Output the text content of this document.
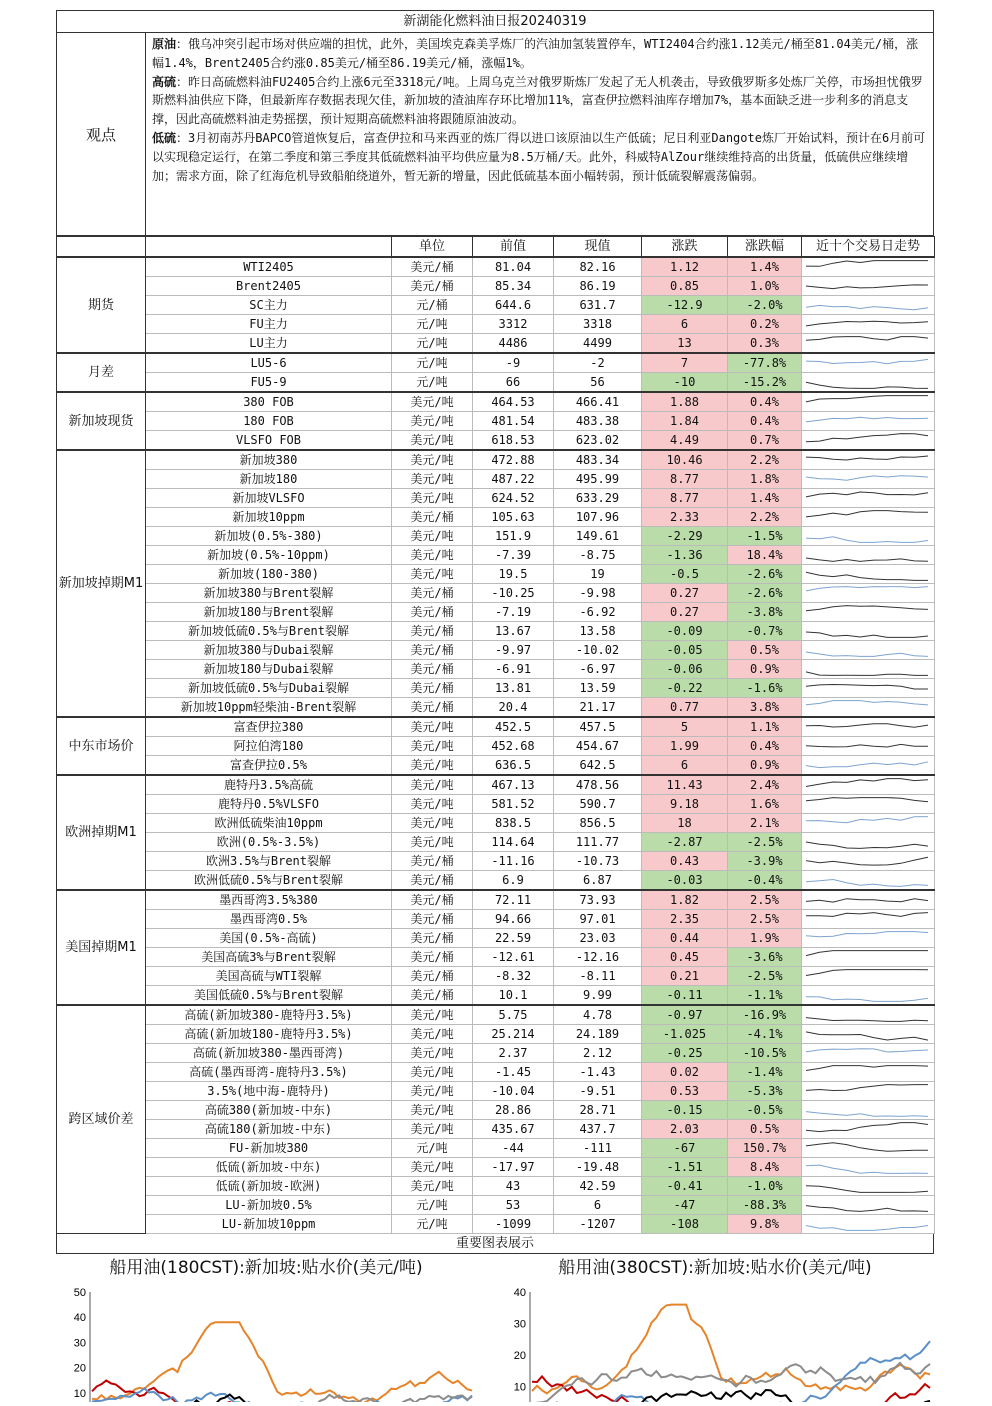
新湖能化燃料油日报20240319
观点

原油：俄乌冲突引起市场对供应端的担忧，此外，美国埃克森美孚炼厂的汽油加氢装置停车，WTI2404合约涨1.12美元/桶至81.04美元/桶，涨幅1.4%，Brent2405合约涨0.85美元/桶至86.19美元/桶，涨幅1%。

高硫：昨日高硫燃料油FU2405合约上涨6元至3318元/吨。上周乌克兰对俄罗斯炼厂发起了无人机袭击，导致俄罗斯多处炼厂关停，市场担忧俄罗斯燃料油供应下降，但最新库存数据表现欠佳，新加坡的渣油库存环比增加11%，富查伊拉燃料油库存增加7%，基本面缺乏进一步利多的消息支撑，因此高硫燃料油走势摇摆，预计短期高硫燃料油将跟随原油波动。

低硫：3月初南苏丹BAPCO管道恢复后，富查伊拉和马来西亚的炼厂得以进口该原油以生产低硫；尼日利亚Dangote炼厂开始试料，预计在6月前可以实现稳定运行，在第二季度和第三季度其低硫燃料油平均供应量为8.5万桶/天。此外，科威特AlZour继续维持高的出货量，低硫供应继续增加；需求方面，除了红海危机导致船舶绕道外，暂无新的增量，因此低硫基本面小幅转弱，预计低硫裂解震荡偏弱。

		单位	前值	现值	涨跌	涨跌幅	近十个交易日走势
期货	WTI2405	美元/桶	81.04	82.16	1.12	1.4%	

	Brent2405	美元/桶	85.34	86.19	0.85	1.0%	

	SC主力	元/桶	644.6	631.7	-12.9	-2.0%	

	FU主力	元/吨	3312	3318	6	0.2%	

	LU主力	元/吨	4486	4499	13	0.3%	

月差	LU5-6	元/吨	-9	-2	7	-77.8%	

	FU5-9	元/吨	66	56	-10	-15.2%	

新加坡现货	380 FOB	美元/吨	464.53	466.41	1.88	0.4%	

	180 FOB	美元/吨	481.54	483.38	1.84	0.4%	

	VLSFO FOB	美元/吨	618.53	623.02	4.49	0.7%	

新加坡掉期M1	新加坡380	美元/吨	472.88	483.34	10.46	2.2%	

	新加坡180	美元/吨	487.22	495.99	8.77	1.8%	

	新加坡VLSFO	美元/吨	624.52	633.29	8.77	1.4%	

	新加坡10ppm	美元/桶	105.63	107.96	2.33	2.2%	

	新加坡(0.5%-380)	美元/吨	151.9	149.61	-2.29	-1.5%	

	新加坡(0.5%-10ppm)	美元/吨	-7.39	-8.75	-1.36	18.4%	

	新加坡(180-380)	美元/吨	19.5	19	-0.5	-2.6%	

	新加坡380与Brent裂解	美元/桶	-10.25	-9.98	0.27	-2.6%	

	新加坡180与Brent裂解	美元/桶	-7.19	-6.92	0.27	-3.8%	

	新加坡低硫0.5%与Brent裂解	美元/桶	13.67	13.58	-0.09	-0.7%	

	新加坡380与Dubai裂解	美元/桶	-9.97	-10.02	-0.05	0.5%	

	新加坡180与Dubai裂解	美元/桶	-6.91	-6.97	-0.06	0.9%	

	新加坡低硫0.5%与Dubai裂解	美元/桶	13.81	13.59	-0.22	-1.6%	

	新加坡10ppm轻柴油-Brent裂解	美元/桶	20.4	21.17	0.77	3.8%	

中东市场价	富查伊拉380	美元/吨	452.5	457.5	5	1.1%	

	阿拉伯湾180	美元/吨	452.68	454.67	1.99	0.4%	

	富查伊拉0.5%	美元/吨	636.5	642.5	6	0.9%	

欧洲掉期M1	鹿特丹3.5%高硫	美元/吨	467.13	478.56	11.43	2.4%	

	鹿特丹0.5%VLSFO	美元/吨	581.52	590.7	9.18	1.6%	

	欧洲低硫柴油10ppm	美元/吨	838.5	856.5	18	2.1%	

	欧洲(0.5%-3.5%)	美元/吨	114.64	111.77	-2.87	-2.5%	

	欧洲3.5%与Brent裂解	美元/桶	-11.16	-10.73	0.43	-3.9%	

	欧洲低硫0.5%与Brent裂解	美元/桶	6.9	6.87	-0.03	-0.4%	

美国掉期M1	墨西哥湾3.5%380	美元/桶	72.11	73.93	1.82	2.5%	

	墨西哥湾0.5%	美元/桶	94.66	97.01	2.35	2.5%	

	美国(0.5%-高硫)	美元/桶	22.59	23.03	0.44	1.9%	

	美国高硫3%与Brent裂解	美元/桶	-12.61	-12.16	0.45	-3.6%	

	美国高硫与WTI裂解	美元/桶	-8.32	-8.11	0.21	-2.5%	

	美国低硫0.5%与Brent裂解	美元/桶	10.1	9.99	-0.11	-1.1%	

跨区域价差	高硫(新加坡380-鹿特丹3.5%)	美元/吨	5.75	4.78	-0.97	-16.9%	

	高硫(新加坡180-鹿特丹3.5%)	美元/吨	25.214	24.189	-1.025	-4.1%	

	高硫(新加坡380-墨西哥湾)	美元/吨	2.37	2.12	-0.25	-10.5%	

	高硫(墨西哥湾-鹿特丹3.5%)	美元/吨	-1.45	-1.43	0.02	-1.4%	

	3.5%(地中海-鹿特丹)	美元/吨	-10.04	-9.51	0.53	-5.3%	

	高硫380(新加坡-中东)	美元/吨	28.86	28.71	-0.15	-0.5%	

	高硫180(新加坡-中东)	美元/吨	435.67	437.7	2.03	0.5%	

	FU-新加坡380	元/吨	-44	-111	-67	150.7%	

	低硫(新加坡-中东)	美元/吨	-17.97	-19.48	-1.51	8.4%	

	低硫(新加坡-欧洲)	美元/吨	43	42.59	-0.41	-1.0%	

	LU-新加坡0.5%	元/吨	53	6	-47	-88.3%	

	LU-新加坡10ppm	元/吨	-1099	-1207	-108	9.8%	
重要图表展示
船用油(180CST):新加坡:贴水价(美元/吨)
50
40
30
20
10
船用油(380CST):新加坡:贴水价(美元/吨)
40
30
20
10
